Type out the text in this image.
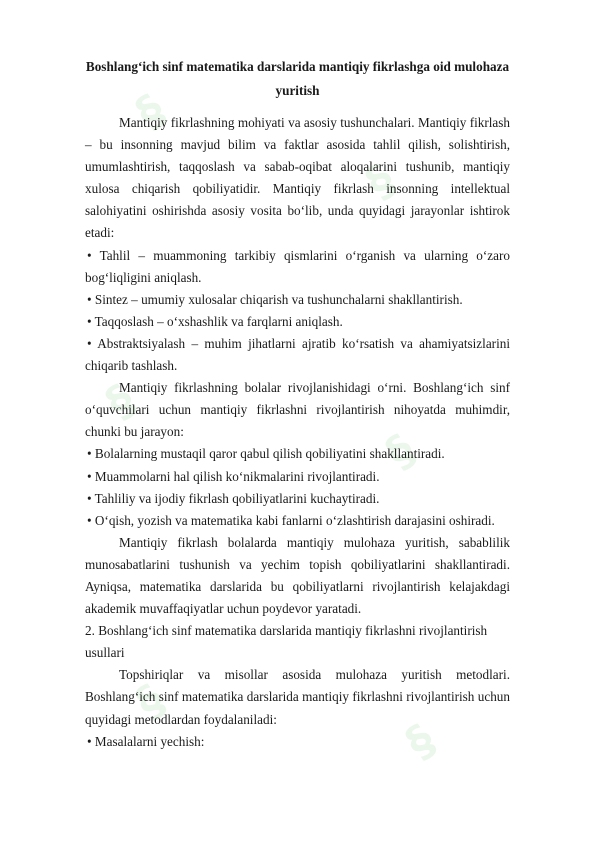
§
§
§
§
§
§

Boshlang‘ich sinf matematika darslarida mantiqiy fikrlashga oid mulohaza yuritish

Mantiqiy fikrlashning mohiyati va asosiy tushunchalari. Mantiqiy fikrlash – bu insonning mavjud bilim va faktlar asosida tahlil qilish, solishtirish, umumlashtirish, taqqoslash va sabab-oqibat aloqalarini tushunib, mantiqiy xulosa chiqarish qobiliyatidir. Mantiqiy fikrlash insonning intellektual salohiyatini oshirishda asosiy vosita bo‘lib, unda quyidagi jarayonlar ishtirok etadi:

• Tahlil – muammoning tarkibiy qismlarini o‘rganish va ularning o‘zaro bog‘liqligini aniqlash.

• Sintez – umumiy xulosalar chiqarish va tushunchalarni shakllantirish.

• Taqqoslash – o‘xshashlik va farqlarni aniqlash.

• Abstraktsiyalash – muhim jihatlarni ajratib ko‘rsatish va ahamiyatsizlarini chiqarib tashlash.

Mantiqiy fikrlashning bolalar rivojlanishidagi o‘rni. Boshlang‘ich sinf o‘quvchilari uchun mantiqiy fikrlashni rivojlantirish nihoyatda muhimdir, chunki bu jarayon:

• Bolalarning mustaqil qaror qabul qilish qobiliyatini shakllantiradi.

• Muammolarni hal qilish ko‘nikmalarini rivojlantiradi.

• Tahliliy va ijodiy fikrlash qobiliyatlarini kuchaytiradi.

• O‘qish, yozish va matematika kabi fanlarni o‘zlashtirish darajasini oshiradi.

Mantiqiy fikrlash bolalarda mantiqiy mulohaza yuritish, sabablilik munosabatlarini tushunish va yechim topish qobiliyatlarini shakllantiradi. Ayniqsa, matematika darslarida bu qobiliyatlarni rivojlantirish kelajakdagi akademik muvaffaqiyatlar uchun poydevor yaratadi.

2. Boshlang‘ich sinf matematika darslarida mantiqiy fikrlashni rivojlantirish usullari

Topshiriqlar va misollar asosida mulohaza yuritish metodlari. Boshlang‘ich sinf matematika darslarida mantiqiy fikrlashni rivojlantirish uchun quyidagi metodlardan foydalaniladi:

• Masalalarni yechish:
